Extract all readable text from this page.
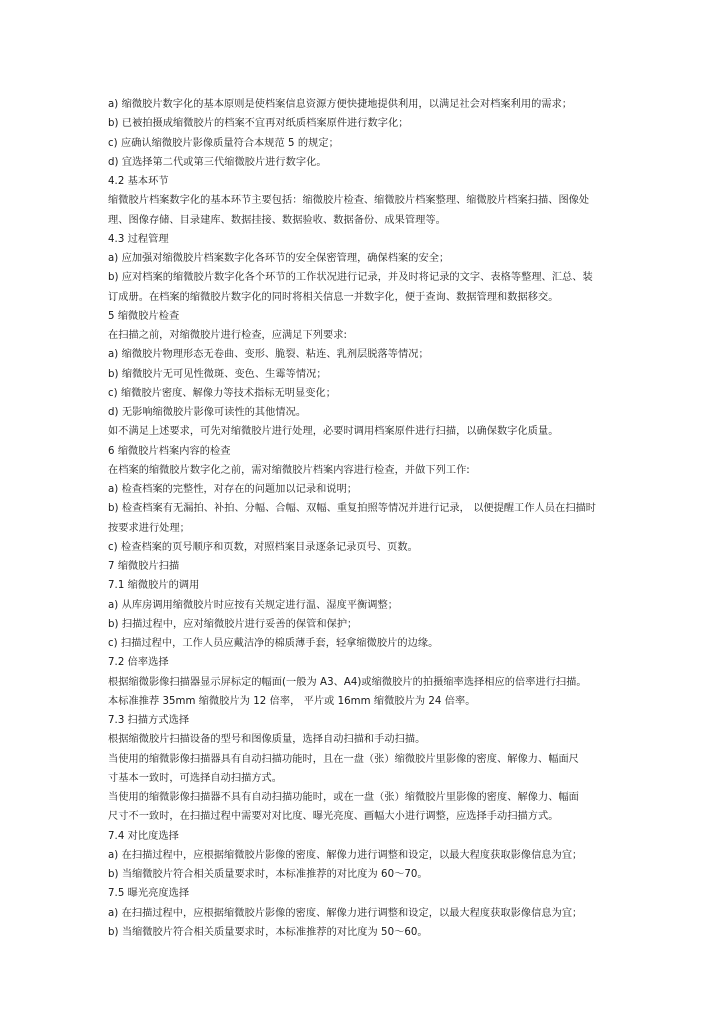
a) 缩微胶片数字化的基本原则是使档案信息资源方便快捷地提供利用，以满足社会对档案利用的需求；
b) 已被拍摄成缩微胶片的档案不宜再对纸质档案原件进行数字化；
c) 应确认缩微胶片影像质量符合本规范 5 的规定；
d) 宜选择第二代或第三代缩微胶片进行数字化。
4.2 基本环节
缩微胶片档案数字化的基本环节主要包括：缩微胶片检查、缩微胶片档案整理、缩微胶片档案扫描、图像处
理、图像存储、目录建库、数据挂接、数据验收、数据备份、成果管理等。
4.3 过程管理
a) 应加强对缩微胶片档案数字化各环节的安全保密管理，确保档案的安全；
b) 应对档案的缩微胶片数字化各个环节的工作状况进行记录，并及时将记录的文字、表格等整理、汇总、装
订成册。在档案的缩微胶片数字化的同时将相关信息一并数字化，便于查询、数据管理和数据移交。
5 缩微胶片检查
在扫描之前，对缩微胶片进行检查，应满足下列要求:
a) 缩微胶片物理形态无卷曲、变形、脆裂、粘连、乳剂层脱落等情况；
b) 缩微胶片无可见性微斑、变色、生霉等情况；
c) 缩微胶片密度、解像力等技术指标无明显变化；
d) 无影响缩微胶片影像可读性的其他情况。
如不满足上述要求，可先对缩微胶片进行处理，必要时调用档案原件进行扫描，以确保数字化质量。
6 缩微胶片档案内容的检查
在档案的缩微胶片数字化之前，需对缩微胶片档案内容进行检查，并做下列工作:
a) 检查档案的完整性，对存在的问题加以记录和说明；
b) 检查档案有无漏拍、补拍、分幅、合幅、双幅、重复拍照等情况并进行记录， 以便提醒工作人员在扫描时
按要求进行处理；
c) 检查档案的页号顺序和页数，对照档案目录逐条记录页号、页数。
7 缩微胶片扫描
7.1 缩微胶片的调用
a) 从库房调用缩微胶片时应按有关规定进行温、湿度平衡调整；
b) 扫描过程中，应对缩微胶片进行妥善的保管和保护；
c) 扫描过程中，工作人员应戴洁净的棉质薄手套，轻拿缩微胶片的边缘。
7.2 倍率选择
根据缩微影像扫描器显示屏标定的幅面(一般为 A3、A4)或缩微胶片的拍摄缩率选择相应的倍率进行扫描。
本标准推荐 35mm 缩微胶片为 12 倍率， 平片或 16mm 缩微胶片为 24 倍率。
7.3 扫描方式选择
根据缩微胶片扫描设备的型号和图像质量，选择自动扫描和手动扫描。
当使用的缩微影像扫描器具有自动扫描功能时，且在一盘（张）缩微胶片里影像的密度、解像力、幅面尺
寸基本一致时，可选择自动扫描方式。
当使用的缩微影像扫描器不具有自动扫描功能时，或在一盘（张）缩微胶片里影像的密度、解像力、幅面
尺寸不一致时，在扫描过程中需要对对比度、曝光亮度、画幅大小进行调整，应选择手动扫描方式。
7.4 对比度选择
a) 在扫描过程中，应根据缩微胶片影像的密度、解像力进行调整和设定，以最大程度获取影像信息为宜；
b) 当缩微胶片符合相关质量要求时，本标准推荐的对比度为 60～70。
7.5 曝光亮度选择
a) 在扫描过程中，应根据缩微胶片影像的密度、解像力进行调整和设定，以最大程度获取影像信息为宜；
b) 当缩微胶片符合相关质量要求时，本标准推荐的对比度为 50～60。
